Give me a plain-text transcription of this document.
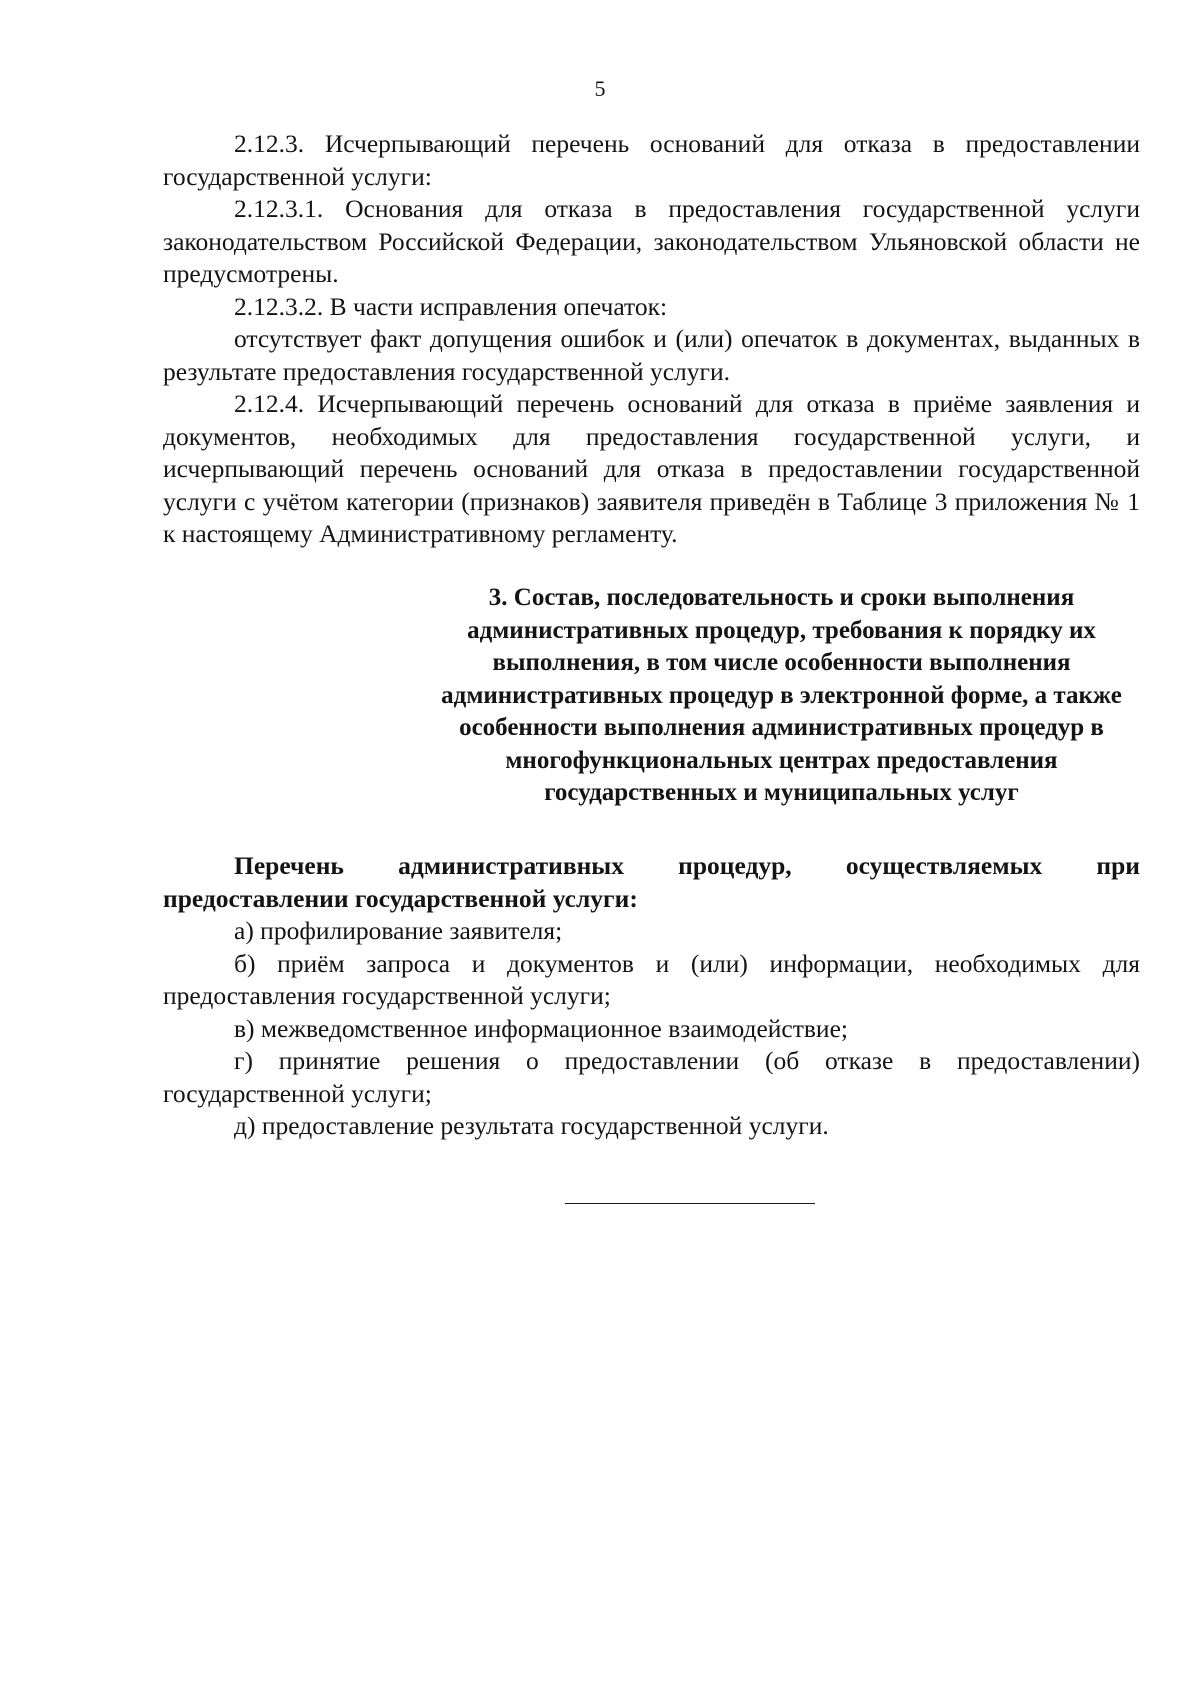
5

2.12.3. Исчерпывающий перечень оснований для отказа в предоставлении государственной услуги:

2.12.3.1. Основания для отказа в предоставления государственной услуги законодательством Российской Федерации, законодательством Ульяновской области не предусмотрены.

2.12.3.2. В части исправления опечаток:

отсутствует факт допущения ошибок и (или) опечаток в документах, выданных в результате предоставления государственной услуги.

2.12.4. Исчерпывающий перечень оснований для отказа в приёме заявления и документов, необходимых для предоставления государственной услуги, и исчерпывающий перечень оснований для отказа в предоставлении государственной услуги с учётом категории (признаков) заявителя приведён в Таблице 3 приложения № 1 к настоящему Административному регламенту.

3. Состав, последовательность и сроки выполнения
административных процедур, требования к порядку их
выполнения, в том числе особенности выполнения
административных процедур в электронной форме, а также
особенности выполнения административных процедур в
многофункциональных центрах предоставления
государственных и муниципальных услуг

Перечень административных процедур, осуществляемых при
предоставлении государственной услуги:

а) профилирование заявителя;

б) приём запроса и документов и (или) информации, необходимых для предоставления государственной услуги;

в) межведомственное информационное взаимодействие;

г) принятие решения о предоставлении (об отказе в предоставлении) государственной услуги;

д) предоставление результата государственной услуги.
